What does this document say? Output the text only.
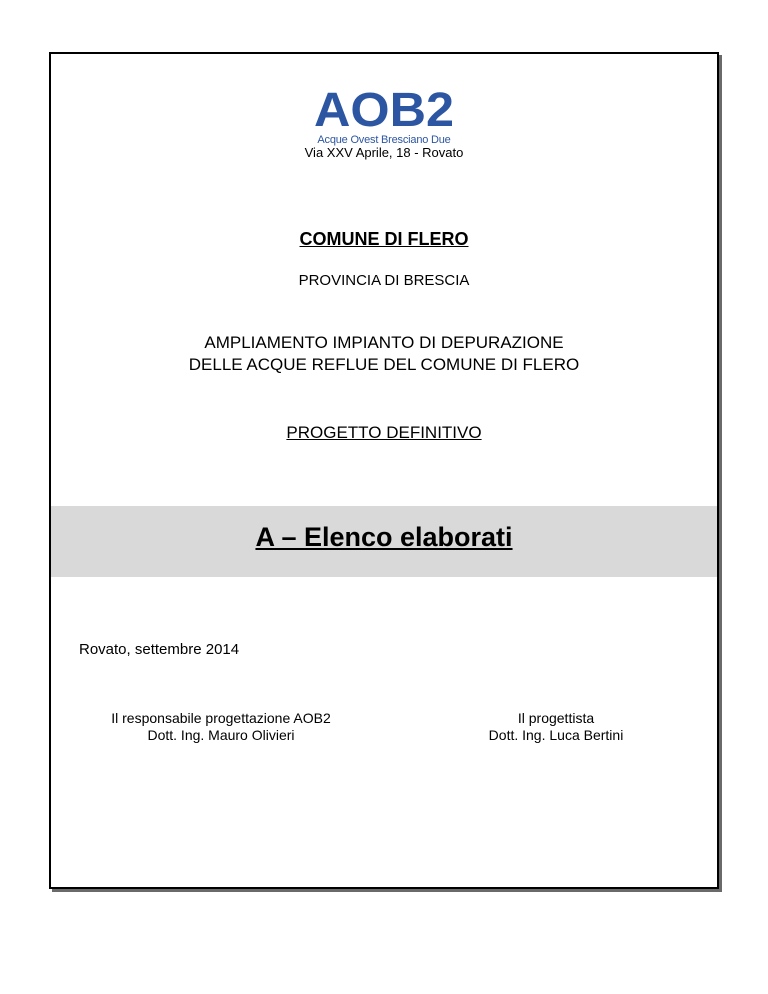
AOB2
Acque Ovest Bresciano Due
Via XXV Aprile, 18 - Rovato
COMUNE DI FLERO
PROVINCIA DI BRESCIA
AMPLIAMENTO IMPIANTO DI DEPURAZIONE
DELLE ACQUE REFLUE DEL COMUNE DI FLERO
PROGETTO DEFINITIVO
A – Elenco elaborati
Rovato, settembre 2014
Il responsabile progettazione AOB2
Dott. Ing. Mauro Olivieri
Il progettista
Dott. Ing. Luca Bertini
